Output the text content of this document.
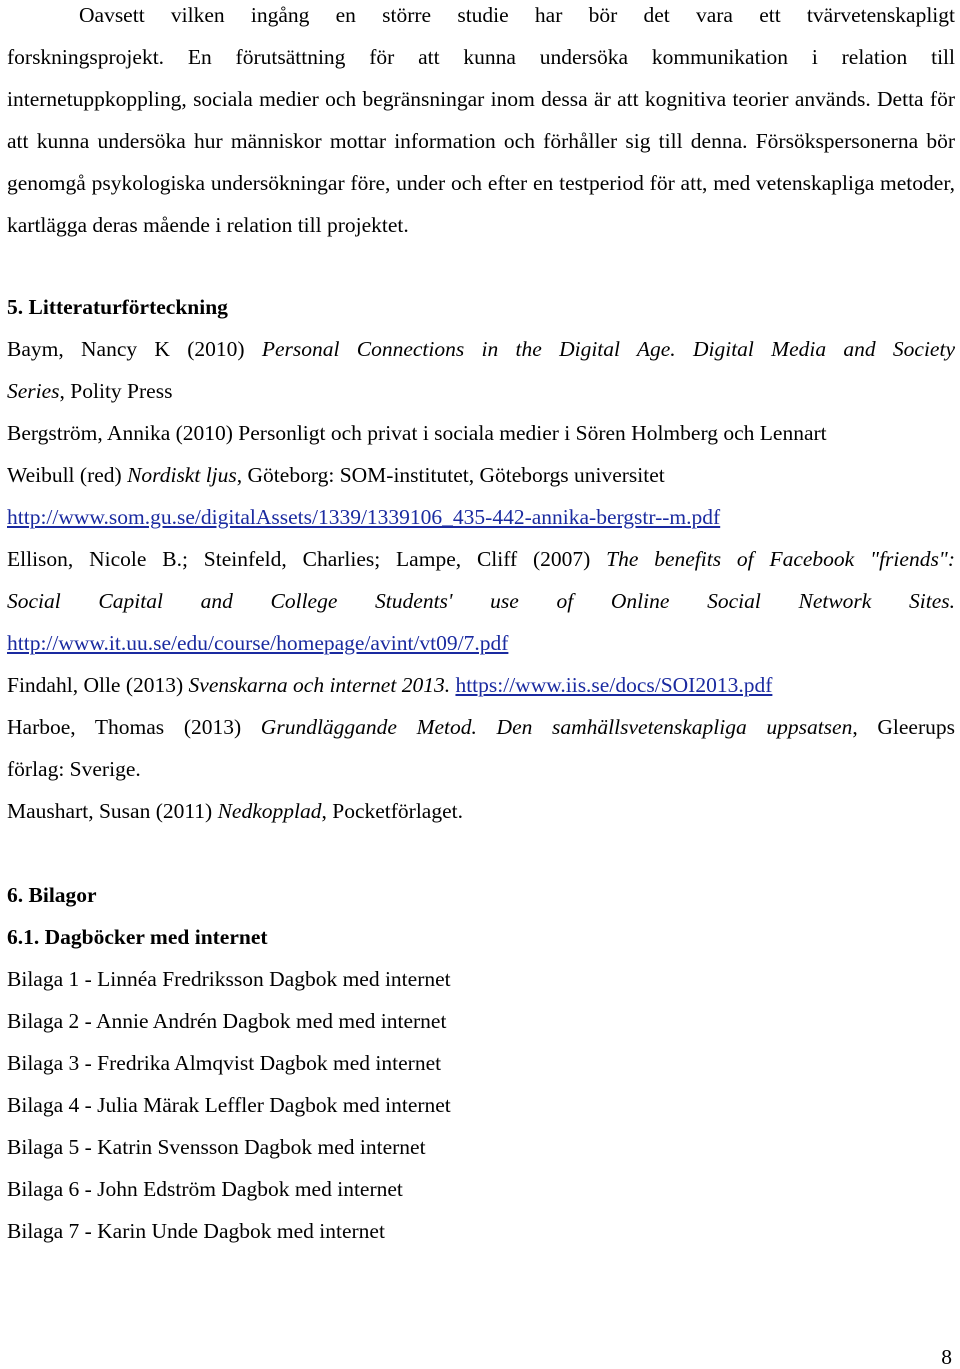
Oavsett vilken ingång en större studie har bör det vara ett tvärvetenskapligt

forskningsprojekt. En förutsättning för att kunna undersöka kommunikation i relation till internetuppkoppling, sociala medier och begränsningar inom dessa är att kognitiva teorier används. Detta för att kunna undersöka hur människor mottar information och förhåller sig till denna. Försökspersonerna bör genomgå psykologiska undersökningar före, under och efter en testperiod för att, med vetenskapliga metoder, kartlägga deras mående i relation till projektet.

5. Litteraturförteckning
Baym, Nancy K (2010) Personal Connections in the Digital Age. Digital Media and Society
Series, Polity Press
Bergström, Annika (2010) Personligt och privat i sociala medier i Sören Holmberg och Lennart
Weibull (red) Nordiskt ljus, Göteborg: SOM-institutet, Göteborgs universitet
http://www.som.gu.se/digitalAssets/1339/1339106_435-442-annika-bergstr--m.pdf
Ellison, Nicole B.; Steinfeld, Charlies; Lampe, Cliff (2007) The benefits of Facebook "friends":
Social Capital and College Students' use of Online Social Network Sites.
http://www.it.uu.se/edu/course/homepage/avint/vt09/7.pdf
Findahl, Olle (2013) Svenskarna och internet 2013. https://www.iis.se/docs/SOI2013.pdf
Harboe, Thomas (2013) Grundläggande Metod. Den samhällsvetenskapliga uppsatsen, Gleerups
förlag: Sverige.
Maushart, Susan (2011) Nedkopplad, Pocketförlaget.
6. Bilagor
6.1. Dagböcker med internet
Bilaga 1 - Linnéa Fredriksson Dagbok med internet
Bilaga 2 - Annie Andrén Dagbok med med internet
Bilaga 3 - Fredrika Almqvist Dagbok med internet
Bilaga 4 - Julia Märak Leffler Dagbok med internet
Bilaga 5 - Katrin Svensson Dagbok med internet
Bilaga 6 - John Edström Dagbok med internet
Bilaga 7 - Karin Unde Dagbok med internet
8
